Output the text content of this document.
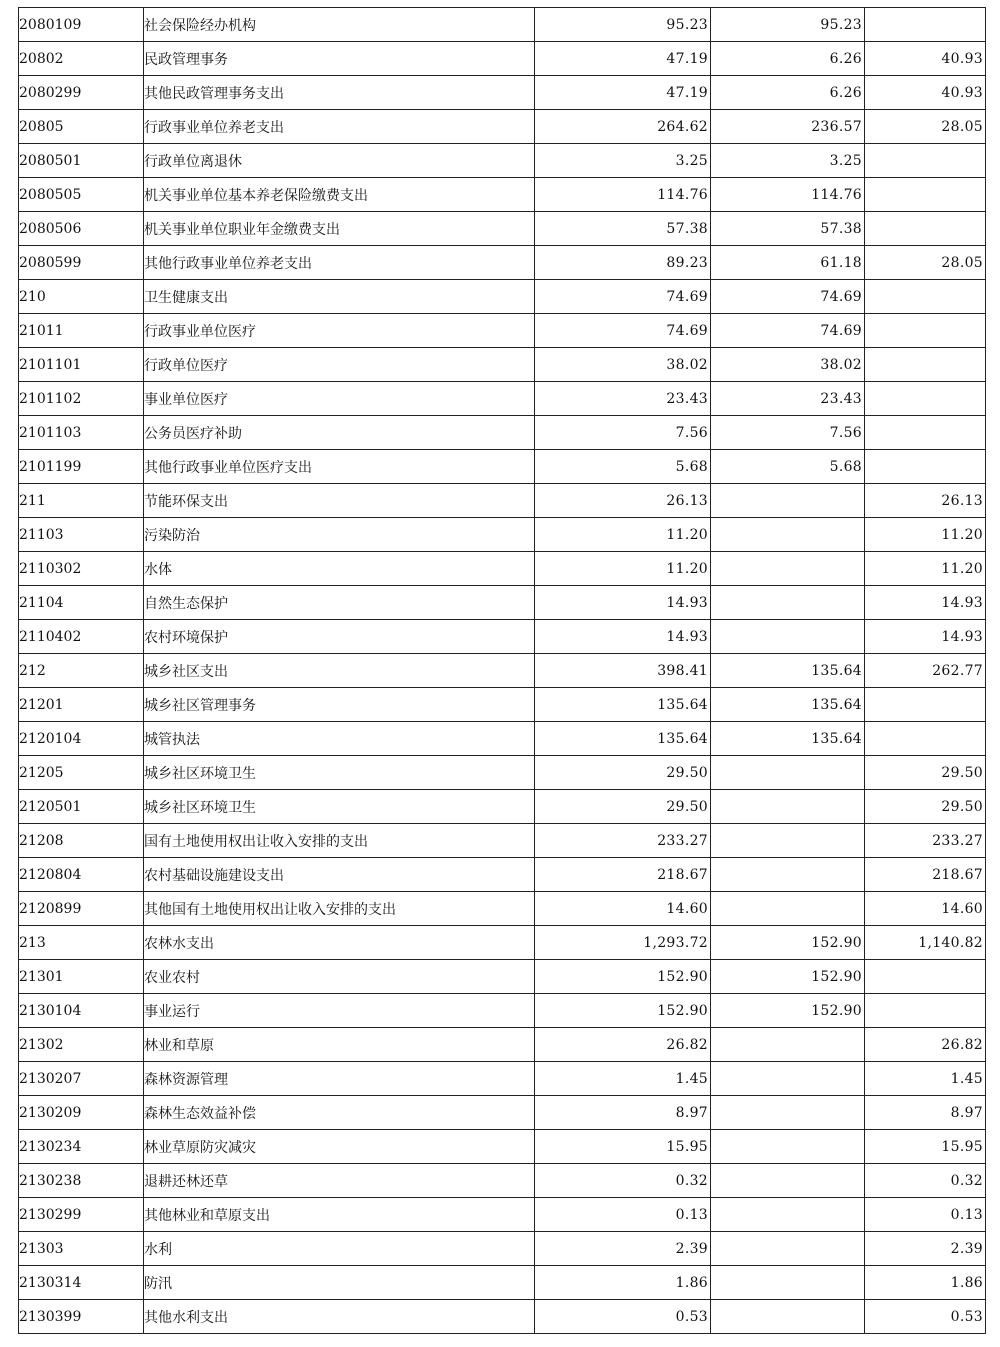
2080109	社会保险经办机构	95.23	95.23	
20802	民政管理事务	47.19	6.26	40.93
2080299	其他民政管理事务支出	47.19	6.26	40.93
20805	行政事业单位养老支出	264.62	236.57	28.05
2080501	行政单位离退休	3.25	3.25	
2080505	机关事业单位基本养老保险缴费支出	114.76	114.76	
2080506	机关事业单位职业年金缴费支出	57.38	57.38	
2080599	其他行政事业单位养老支出	89.23	61.18	28.05
210	卫生健康支出	74.69	74.69	
21011	行政事业单位医疗	74.69	74.69	
2101101	行政单位医疗	38.02	38.02	
2101102	事业单位医疗	23.43	23.43	
2101103	公务员医疗补助	7.56	7.56	
2101199	其他行政事业单位医疗支出	5.68	5.68	
211	节能环保支出	26.13		26.13
21103	污染防治	11.20		11.20
2110302	水体	11.20		11.20
21104	自然生态保护	14.93		14.93
2110402	农村环境保护	14.93		14.93
212	城乡社区支出	398.41	135.64	262.77
21201	城乡社区管理事务	135.64	135.64	
2120104	城管执法	135.64	135.64	
21205	城乡社区环境卫生	29.50		29.50
2120501	城乡社区环境卫生	29.50		29.50
21208	国有土地使用权出让收入安排的支出	233.27		233.27
2120804	农村基础设施建设支出	218.67		218.67
2120899	其他国有土地使用权出让收入安排的支出	14.60		14.60
213	农林水支出	1,293.72	152.90	1,140.82
21301	农业农村	152.90	152.90	
2130104	事业运行	152.90	152.90	
21302	林业和草原	26.82		26.82
2130207	森林资源管理	1.45		1.45
2130209	森林生态效益补偿	8.97		8.97
2130234	林业草原防灾减灾	15.95		15.95
2130238	退耕还林还草	0.32		0.32
2130299	其他林业和草原支出	0.13		0.13
21303	水利	2.39		2.39
2130314	防汛	1.86		1.86
2130399	其他水利支出	0.53		0.53
